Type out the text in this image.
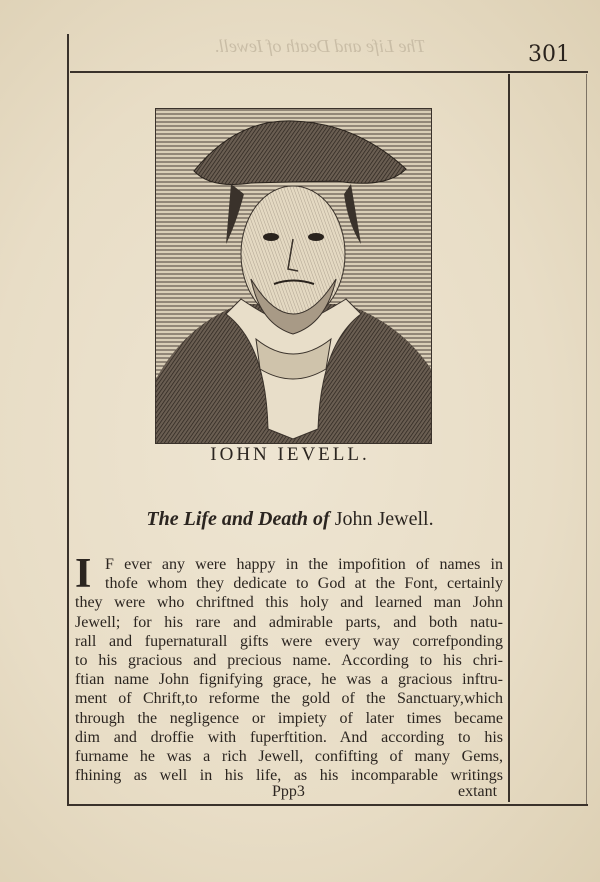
The Life and Death of Iewell.	301
IOHN IEVELL.
The Life and Death of John Jewell.
I F ever any were happy in the impofition of names in
thofe whom they dedicate to God at the Font, certainly
they were who chriftned this holy and learned man John
Jewell; for his rare and admirable parts, and both natu-
rall and fupernaturall gifts were every way correfponding
to his gracious and precious name. According to his chri-
ftian name John fignifying grace, he was a gracious inftru-
ment of Chrift,to reforme the gold of the Sanctuary,which
through the negligence or impiety of later times became
dim and droffie with fuperftition. And according to his
furname he was a rich Jewell, confifting of many Gems,
fhining as well in his life, as his incomparable writings
Ppp3	extant
